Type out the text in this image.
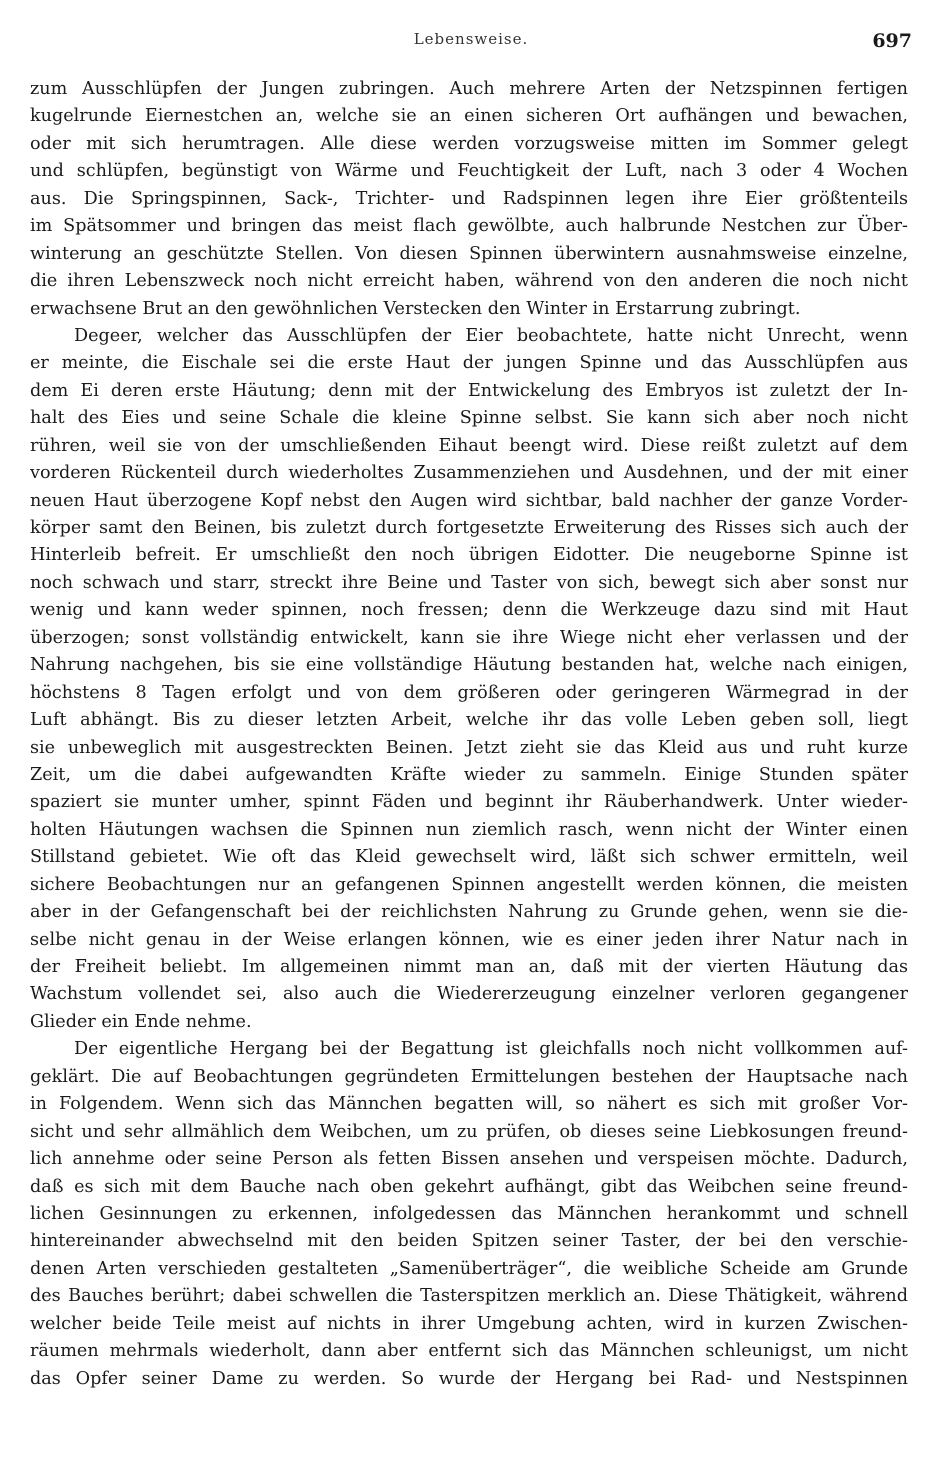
Lebensweise.	697
zum Ausschlüpfen der Jungen zubringen. Auch mehrere Arten der Netzspinnen fertigen
kugelrunde Eiernestchen an, welche sie an einen sicheren Ort aufhängen und bewachen,
oder mit sich herumtragen. Alle diese werden vorzugsweise mitten im Sommer gelegt
und schlüpfen, begünstigt von Wärme und Feuchtigkeit der Luft, nach 3 oder 4 Wochen
aus. Die Springspinnen, Sack-, Trichter- und Radspinnen legen ihre Eier größtenteils
im Spätsommer und bringen das meist flach gewölbte, auch halbrunde Nestchen zur Über-
winterung an geschützte Stellen. Von diesen Spinnen überwintern ausnahmsweise einzelne,
die ihren Lebenszweck noch nicht erreicht haben, während von den anderen die noch nicht
erwachsene Brut an den gewöhnlichen Verstecken den Winter in Erstarrung zubringt.
Degeer, welcher das Ausschlüpfen der Eier beobachtete, hatte nicht Unrecht, wenn
er meinte, die Eischale sei die erste Haut der jungen Spinne und das Ausschlüpfen aus
dem Ei deren erste Häutung; denn mit der Entwickelung des Embryos ist zuletzt der In-
halt des Eies und seine Schale die kleine Spinne selbst. Sie kann sich aber noch nicht
rühren, weil sie von der umschließenden Eihaut beengt wird. Diese reißt zuletzt auf dem
vorderen Rückenteil durch wiederholtes Zusammenziehen und Ausdehnen, und der mit einer
neuen Haut überzogene Kopf nebst den Augen wird sichtbar, bald nachher der ganze Vorder-
körper samt den Beinen, bis zuletzt durch fortgesetzte Erweiterung des Risses sich auch der
Hinterleib befreit. Er umschließt den noch übrigen Eidotter. Die neugeborne Spinne ist
noch schwach und starr, streckt ihre Beine und Taster von sich, bewegt sich aber sonst nur
wenig und kann weder spinnen, noch fressen; denn die Werkzeuge dazu sind mit Haut
überzogen; sonst vollständig entwickelt, kann sie ihre Wiege nicht eher verlassen und der
Nahrung nachgehen, bis sie eine vollständige Häutung bestanden hat, welche nach einigen,
höchstens 8 Tagen erfolgt und von dem größeren oder geringeren Wärmegrad in der
Luft abhängt. Bis zu dieser letzten Arbeit, welche ihr das volle Leben geben soll, liegt
sie unbeweglich mit ausgestreckten Beinen. Jetzt zieht sie das Kleid aus und ruht kurze
Zeit, um die dabei aufgewandten Kräfte wieder zu sammeln. Einige Stunden später
spaziert sie munter umher, spinnt Fäden und beginnt ihr Räuberhandwerk. Unter wieder-
holten Häutungen wachsen die Spinnen nun ziemlich rasch, wenn nicht der Winter einen
Stillstand gebietet. Wie oft das Kleid gewechselt wird, läßt sich schwer ermitteln, weil
sichere Beobachtungen nur an gefangenen Spinnen angestellt werden können, die meisten
aber in der Gefangenschaft bei der reichlichsten Nahrung zu Grunde gehen, wenn sie die-
selbe nicht genau in der Weise erlangen können, wie es einer jeden ihrer Natur nach in
der Freiheit beliebt. Im allgemeinen nimmt man an, daß mit der vierten Häutung das
Wachstum vollendet sei, also auch die Wiedererzeugung einzelner verloren gegangener
Glieder ein Ende nehme.
Der eigentliche Hergang bei der Begattung ist gleichfalls noch nicht vollkommen auf-
geklärt. Die auf Beobachtungen gegründeten Ermittelungen bestehen der Hauptsache nach
in Folgendem. Wenn sich das Männchen begatten will, so nähert es sich mit großer Vor-
sicht und sehr allmählich dem Weibchen, um zu prüfen, ob dieses seine Liebkosungen freund-
lich annehme oder seine Person als fetten Bissen ansehen und verspeisen möchte. Dadurch,
daß es sich mit dem Bauche nach oben gekehrt aufhängt, gibt das Weibchen seine freund-
lichen Gesinnungen zu erkennen, infolgedessen das Männchen herankommt und schnell
hintereinander abwechselnd mit den beiden Spitzen seiner Taster, der bei den verschie-
denen Arten verschieden gestalteten „Samenüberträger“, die weibliche Scheide am Grunde
des Bauches berührt; dabei schwellen die Tasterspitzen merklich an. Diese Thätigkeit, während
welcher beide Teile meist auf nichts in ihrer Umgebung achten, wird in kurzen Zwischen-
räumen mehrmals wiederholt, dann aber entfernt sich das Männchen schleunigst, um nicht
das Opfer seiner Dame zu werden. So wurde der Hergang bei Rad- und Nestspinnen
